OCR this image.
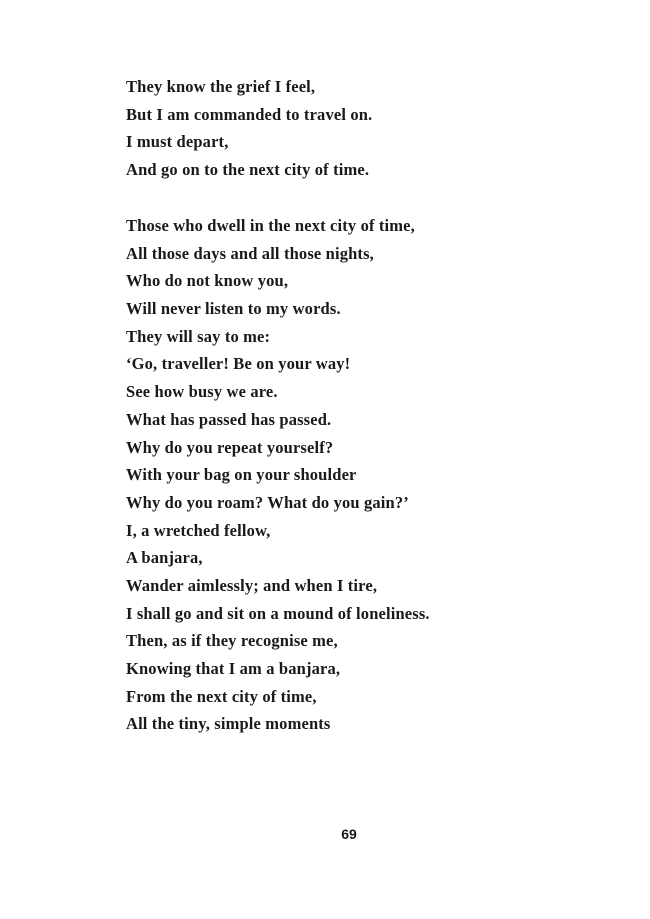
They know the grief I feel,
But I am commanded to travel on.
I must depart,
And go on to the next city of time.
Those who dwell in the next city of time,
All those days and all those nights,
Who do not know you,
Will never listen to my words.
They will say to me:
‘Go, traveller! Be on your way!
See how busy we are.
What has passed has passed.
Why do you repeat yourself?
With your bag on your shoulder
Why do you roam? What do you gain?’
I, a wretched fellow,
A banjara,
Wander aimlessly; and when I tire,
I shall go and sit on a mound of loneliness.
Then, as if they recognise me,
Knowing that I am a banjara,
From the next city of time,
All the tiny, simple moments
69
